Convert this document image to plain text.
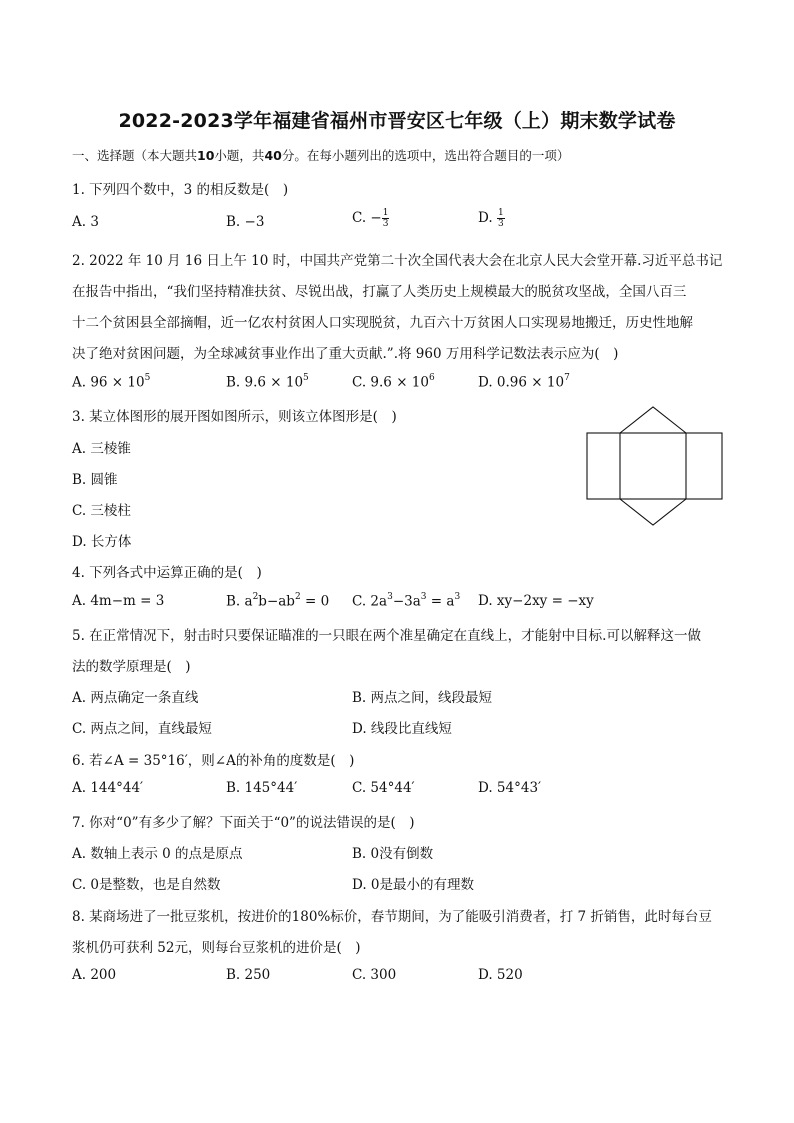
2022-2023学年福建省福州市晋安区七年级（上）期末数学试卷
一、选择题（本大题共10小题，共40分。在每小题列出的选项中，选出符合题目的一项）
1. 下列四个数中，3 的相反数是(　)
A. 3	B. −3	C. − $\frac{1}{3}$	D. $\frac{1}{3}$
2. 2022 年 10 月 16 日上午 10 时，中国共产党第二十次全国代表大会在北京人民大会堂开幕.习近平总书记
在报告中指出，“我们坚持精准扶贫、尽锐出战，打赢了人类历史上规模最大的脱贫攻坚战，全国八百三
十二个贫困县全部摘帽，近一亿农村贫困人口实现脱贫，九百六十万贫困人口实现易地搬迁，历史性地解
决了绝对贫困问题，为全球减贫事业作出了重大贡献.”.将 960 万用科学记数法表示应为(　)
A. $96 \times 10^5$	B. $9.6 \times 10^5$	C. $9.6 \times 10^6$	D. $0.96 \times 10^7$
3. 某立体图形的展开图如图所示，则该立体图形是(　)
A. 三棱锥
B. 圆锥
C. 三棱柱
D. 长方体
4. 下列各式中运算正确的是(　)
A. 4m−m = 3	B. $a^2b-ab^2 = 0$ C. $2a^3-3a^3 = a^3$ D. xy−2xy = −xy
5. 在正常情况下，射击时只要保证瞄准的一只眼在两个准星确定在直线上，才能射中目标.可以解释这一做
法的数学原理是(　)
A. 两点确定一条直线	B. 两点之间，线段最短
C. 两点之间，直线最短	D. 线段比直线短
6. 若∠A = 35°16′，则∠A的补角的度数是(　)
A. 144°44′	B. 145°44′	C. 54°44′	D. 54°43′
7. 你对“0”有多少了解？下面关于“0”的说法错误的是(　)
A. 数轴上表示 0 的点是原点	B. 0没有倒数
C. 0是整数，也是自然数	D. 0是最小的有理数
8. 某商场进了一批豆浆机，按进价的180%标价，春节期间，为了能吸引消费者，打 7 折销售，此时每台豆
浆机仍可获利 52元，则每台豆浆机的进价是(　)
A. 200	B. 250	C. 300	D. 520
